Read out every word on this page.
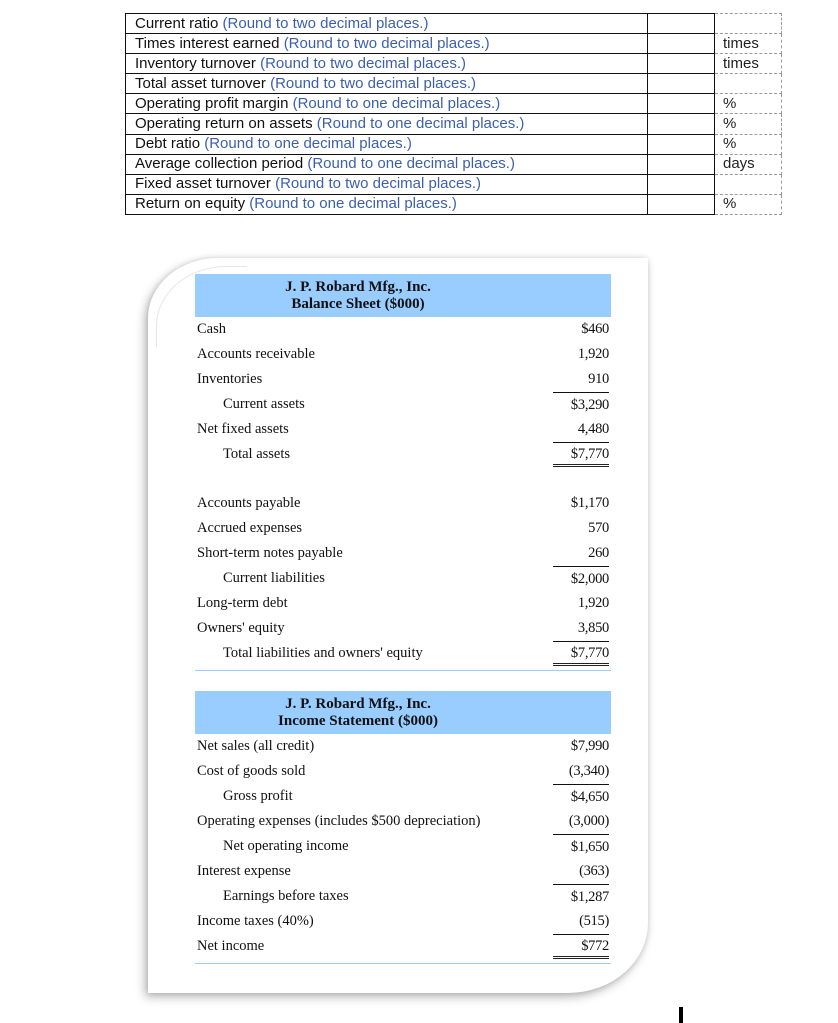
Current ratio (Round to two decimal places.)		
Times interest earned (Round to two decimal places.)		times
Inventory turnover (Round to two decimal places.)		times
Total asset turnover (Round to two decimal places.)		
Operating profit margin (Round to one decimal places.)		%
Operating return on assets (Round to one decimal places.)		%
Debt ratio (Round to one decimal places.)		%
Average collection period (Round to one decimal places.)		days
Fixed asset turnover (Round to two decimal places.)		
Return on equity (Round to one decimal places.)		%
J. P. Robard Mfg., Inc.
Balance Sheet ($000)
Cash	$460
Accounts receivable	1,920
Inventories	910
Current assets	$3,290
Net fixed assets	4,480
Total assets	$7,770
Accounts payable	$1,170
Accrued expenses	570
Short-term notes payable	260
Current liabilities	$2,000
Long-term debt	1,920
Owners' equity	3,850
Total liabilities and owners' equity	$7,770
J. P. Robard Mfg., Inc.
Income Statement ($000)
Net sales (all credit)	$7,990
Cost of goods sold	(3,340)
Gross profit	$4,650
Operating expenses (includes $500 depreciation)	(3,000)
Net operating income	$1,650
Interest expense	(363)
Earnings before taxes	$1,287
Income taxes (40%)	(515)
Net income	$772
